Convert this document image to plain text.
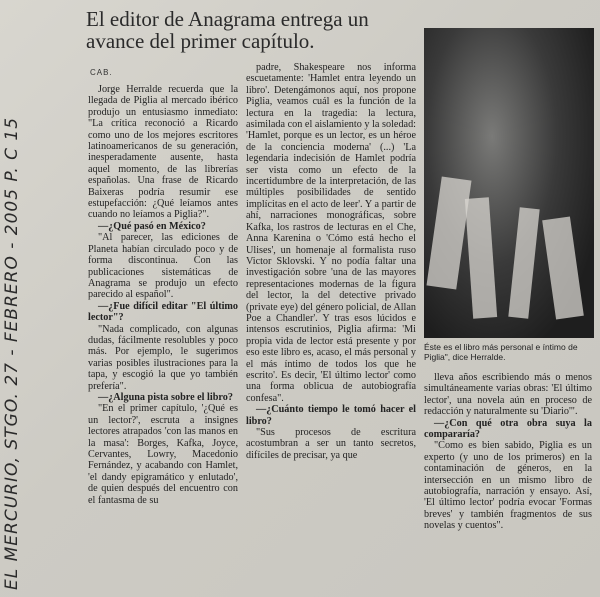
El editor de Anagrama entrega un avance del primer capítulo.
CAB.

Jorge Herralde recuerda que la llegada de Piglia al mercado ibérico produjo un entusiasmo inmediato: "La crítica reconoció a Ricardo como uno de los mejores escritores latinoamericanos de su generación, inesperadamente ausente, hasta aquel momento, de las librerías españolas. Una frase de Ricardo Baixeras podría resumir ese estupefacción: ¿Qué leíamos antes cuando no leíamos a Piglia?".

—¿Qué pasó en México?

"Al parecer, las ediciones de Planeta habían circulado poco y de forma discontinua. Con las publicaciones sistemáticas de Anagrama se produjo un efecto parecido al español".

—¿Fue difícil editar "El último lector"?

"Nada complicado, con algunas dudas, fácilmente resolubles y poco más. Por ejemplo, le sugerimos varias posibles ilustraciones para la tapa, y escogió la que yo también prefería".

—¿Alguna pista sobre el libro?

"En el primer capítulo, '¿Qué es un lector?', escruta a insignes lectores atrapados 'con las manos en la masa': Borges, Kafka, Joyce, Cervantes, Lowry, Macedonio Fernández, y acabando con Hamlet, 'el dandy epigramático y enlutado', de quien después del encuentro con el fantasma de su

padre, Shakespeare nos informa escuetamente: 'Hamlet entra leyendo un libro'. Detengámonos aquí, nos propone Piglia, veamos cuál es la función de la lectura en la tragedia: la lectura, asimilada con el aislamiento y la soledad: 'Hamlet, porque es un lector, es un héroe de la conciencia moderna' (...) 'La legendaria indecisión de Hamlet podría ser vista como un efecto de la incertidumbre de la interpretación, de las múltiples posibilidades de sentido implícitas en el acto de leer'. Y a partir de ahí, narraciones monográficas, sobre Kafka, los rastros de lecturas en el Che, Anna Karenina o 'Cómo está hecho el Ulises', un homenaje al formalista ruso Victor Sklovski. Y no podía faltar una investigación sobre 'una de las mayores representaciones modernas de la figura del lector, la del detective privado (private eye) del género policial, de Allan Poe a Chandler'. Y tras esos lúcidos e intensos escrutinios, Piglia afirma: 'Mi propia vida de lector está presente y por eso este libro es, acaso, el más personal y el más íntimo de todos los que he escrito'. Es decir, 'El último lector' como una forma oblicua de autobiografía confesa".

—¿Cuánto tiempo le tomó hacer el libro?

"Sus procesos de escritura acostumbran a ser un tanto secretos, difíciles de precisar, ya que

Éste es el libro más personal e íntimo de Piglia", dice Herralde.

lleva años escribiendo más o menos simultáneamente varias obras: 'El último lector', una novela aún en proceso de redacción y naturalmente su 'Diario'".

—¿Con qué otra obra suya la compararía?

"Como es bien sabido, Piglia es un experto (y uno de los primeros) en la contaminación de géneros, en la intersección en un mismo libro de autobiografía, narración y ensayo. Así, 'El último lector' podría evocar 'Formas breves' y también fragmentos de sus novelas y cuentos".

EL MERCURIO, STGO. 27 - FEBRERO - 2005 P. C 15
